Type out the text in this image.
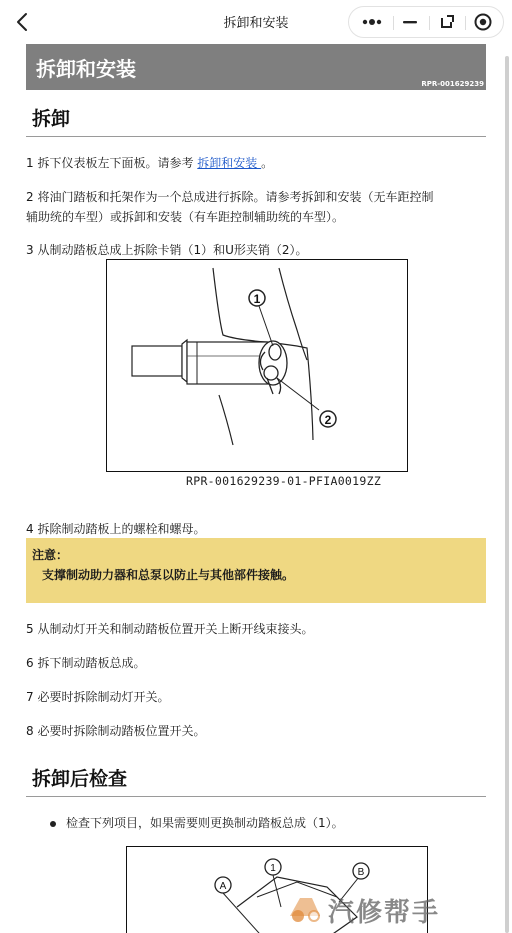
拆卸和安装
拆卸和安装
RPR-001629239
拆卸
1 拆下仪表板左下面板。请参考 拆卸和安装 。
2 将油门踏板和托架作为一个总成进行拆除。请参考拆卸和安装（无车距控制
辅助统的车型）或拆卸和安装（有车距控制辅助统的车型）。
3 从制动踏板总成上拆除卡销（1）和U形夹销（2）。
1
2
RPR-001629239-01-PFIA0019ZZ
4 拆除制动踏板上的螺栓和螺母。
注意：
支撑制动助力器和总泵以防止与其他部件接触。
5 从制动灯开关和制动踏板位置开关上断开线束接头。
6 拆下制动踏板总成。
7 必要时拆除制动灯开关。
8 必要时拆除制动踏板位置开关。
拆卸后检查
检查下列项目，如果需要则更换制动踏板总成（1）。
A
1	B
汽修帮手
